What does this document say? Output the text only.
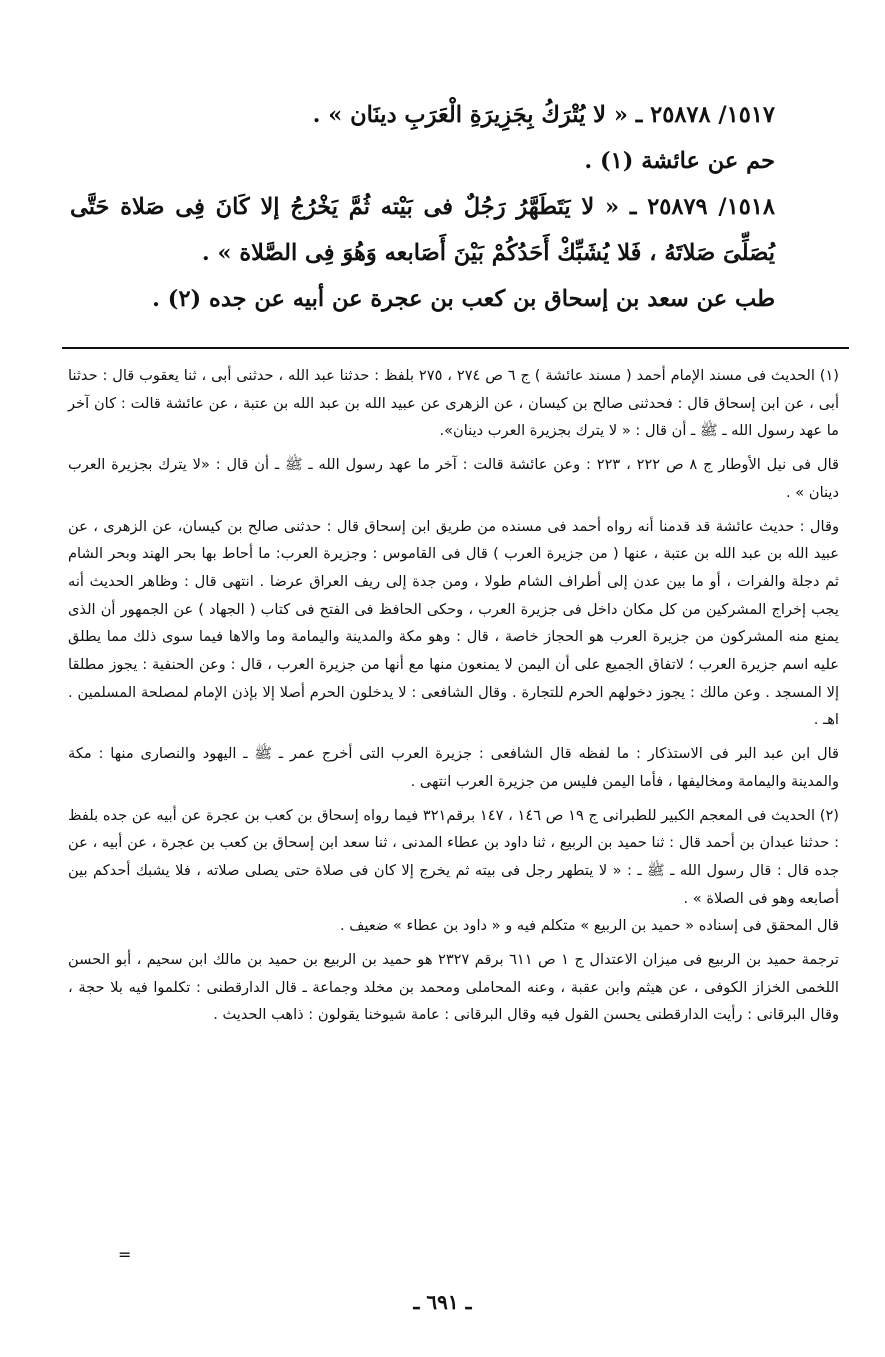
١٥١٧/ ٢٥٨٧٨ ـ « لا يُتْرَكُ بِجَزِيرَةِ الْعَرَبِ دينَان » .

حم عن عائشة (١) .

١٥١٨/ ٢٥٨٧٩ ـ « لا يَتَطَهَّرُ رَجُلٌ فى بَيْته ثُمَّ يَخْرُجُ إلا كَانَ فِى صَلاة حَتَّى يُصَلِّىَ صَلاتَهُ ، فَلا يُشَبِّكْ أَحَدُكُمْ بَيْنَ أَصَابعه وَهُوَ فِى الصَّلاة » .

طب عن سعد بن إسحاق بن كعب بن عجرة عن أبيه عن جده (٢) .

(١) الحديث فى مسند الإمام أحمد ( مسند عائشة ) ج ٦ ص ٢٧٤ ، ٢٧٥ بلفظ : حدثنا عبد الله ، حدثنى أبى ، ثنا يعقوب قال : حدثنا أبى ، عن ابن إسحاق قال : فحدثنى صالح بن كيسان ، عن الزهرى عن عبيد الله بن عبد الله بن عتبة ، عن عائشة قالت : كان آخر ما عهد رسول الله ـ ﷺ ـ أن قال : « لا يترك بجزيرة العرب دينان».

قال فى نيل الأوطار ج ٨ ص ٢٢٢ ، ٢٢٣ : وعن عائشة قالت : آخر ما عهد رسول الله ـ ﷺ ـ أن قال : «لا يترك بجزيرة العرب دينان » .

وقال : حديث عائشة قد قدمنا أنه رواه أحمد فى مسنده من طريق ابن إسحاق قال : حدثنى صالح بن كيسان، عن الزهرى ، عن عبيد الله بن عبد الله بن عتبة ، عنها ( من جزيرة العرب ) قال فى القاموس : وجزيرة العرب: ما أحاط بها بحر الهند وبحر الشام ثم دجلة والفرات ، أو ما بين عدن إلى أطراف الشام طولا ، ومن جدة إلى ريف العراق عرضا . انتهى قال : وظاهر الحديث أنه يجب إخراج المشركين من كل مكان داخل فى جزيرة العرب ، وحكى الحافظ فى الفتح فى كتاب ( الجهاد ) عن الجمهور أن الذى يمنع منه المشركون من جزيرة العرب هو الحجاز خاصة ، قال : وهو مكة والمدينة واليمامة وما والاها فيما سوى ذلك مما يطلق عليه اسم جزيرة العرب ؛ لاتفاق الجميع على أن اليمن لا يمنعون منها مع أنها من جزيرة العرب ، قال : وعن الحنفية : يجوز مطلقا إلا المسجد . وعن مالك : يجوز دخولهم الحرم للتجارة . وقال الشافعى : لا يدخلون الحرم أصلا إلا بإذن الإمام لمصلحة المسلمين . اهـ .

قال ابن عبد البر فى الاستذكار : ما لفظه قال الشافعى : جزيرة العرب التى أخرج عمر ـ ﷺ ـ اليهود والنصارى منها : مكة والمدينة واليمامة ومخاليفها ، فأما اليمن فليس من جزيرة العرب انتهى .

(٢) الحديث فى المعجم الكبير للطبرانى ج ١٩ ص ١٤٦ ، ١٤٧ برقم٣٢١ فيما رواه إسحاق بن كعب بن عجرة عن أبيه عن جده بلفظ : حدثنا عبدان بن أحمد قال : ثنا حميد بن الربيع ، ثنا داود بن عطاء المدنى ، ثنا سعد ابن إسحاق بن كعب بن عجرة ، عن أبيه ، عن جده قال : قال رسول الله ـ ﷺ ـ : « لا يتطهر رجل فى بيته ثم يخرج إلا كان فى صلاة حتى يصلى صلاته ، فلا يشبك أحدكم بين أصابعه وهو فى الصلاة » .

قال المحقق فى إسناده « حميد بن الربيع » متكلم فيه و « داود بن عطاء » ضعيف .

ترجمة حميد بن الربيع فى ميزان الاعتدال ج ١ ص ٦١١ برقم ٢٣٢٧ هو حميد بن الربيع بن حميد بن مالك ابن سحيم ، أبو الحسن اللخمى الخزاز الكوفى ، عن هيثم وابن عقبة ، وعنه المحاملى ومحمد بن مخلد وجماعة ـ قال الدارقطنى : تكلموا فيه بلا حجة ، وقال البرقانى : رأيت الدارقطنى يحسن القول فيه وقال البرقانى : عامة شيوخنا يقولون : ذاهب الحديث .

=
ـ ٦٩١ ـ
